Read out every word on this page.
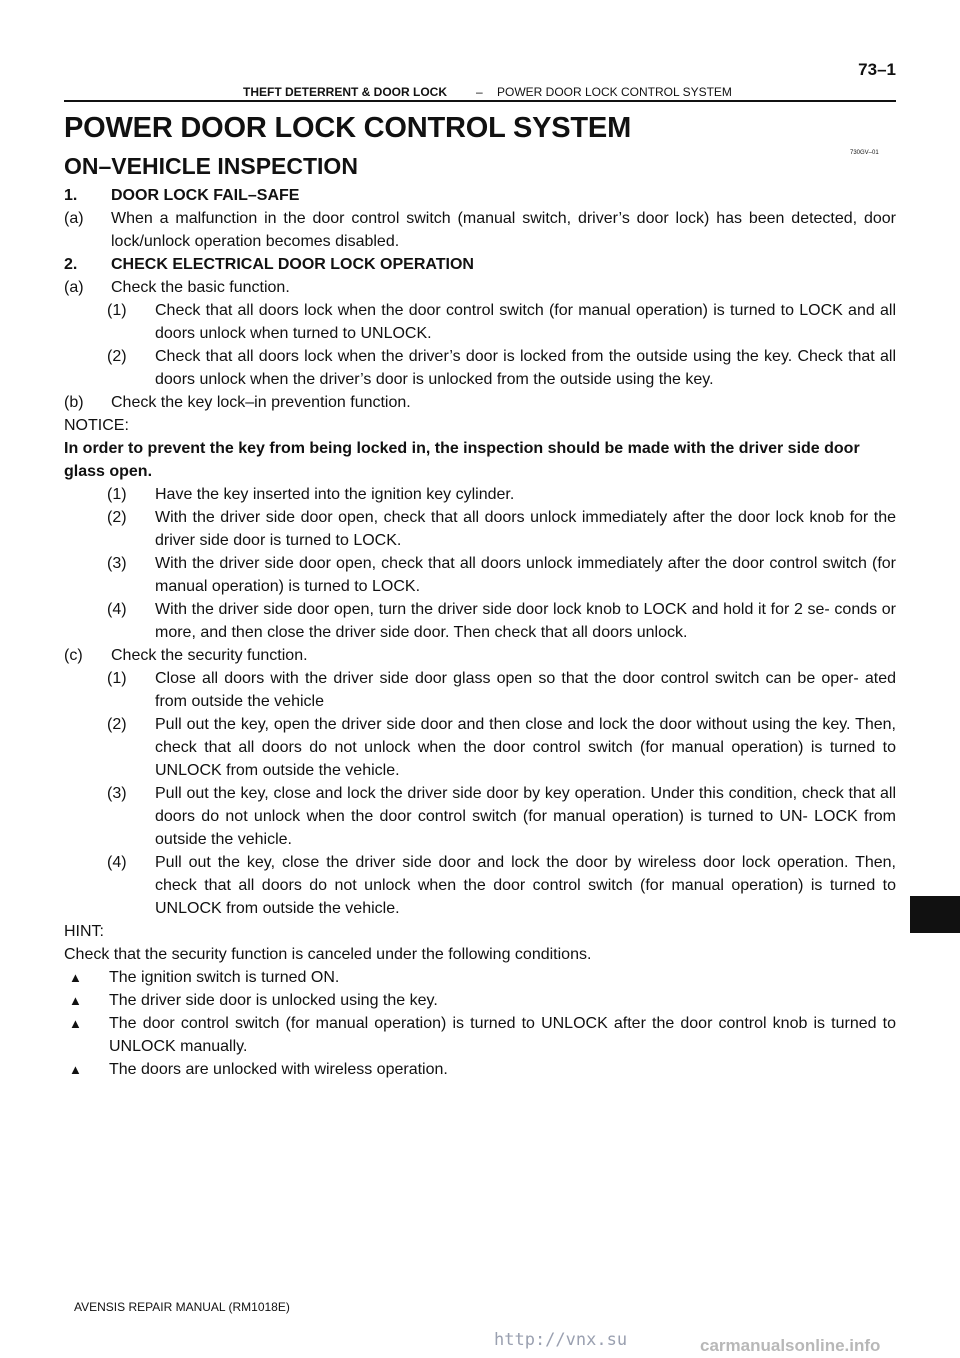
THEFT DETERRENT & DOOR LOCK – POWER DOOR LOCK CONTROL SYSTEM
73–1
POWER DOOR LOCK CONTROL SYSTEM
730GV–01
ON–VEHICLE INSPECTION

1.	DOOR LOCK FAIL–SAFE

(a)	When a malfunction in the door control switch (manual switch, driver’s door lock) has been detected, door lock/unlock operation becomes disabled.

2.	CHECK ELECTRICAL DOOR LOCK OPERATION

(a)	Check the basic function.

(1)	Check that all doors lock when the door control switch (for manual operation) is turned to LOCK and all doors unlock when turned to UNLOCK.

(2)	Check that all doors lock when the driver’s door is locked from the outside using the key. Check that all doors unlock when the driver’s door is unlocked from the outside using the key.

(b)	Check the key lock–in prevention function.

NOTICE:

In order to prevent the key from being locked in, the inspection should be made with the driver side door glass open.

(1)	Have the key inserted into the ignition key cylinder.

(2)	With the driver side door open, check that all doors unlock immediately after the door lock knob for the driver side door is turned to LOCK.

(3)	With the driver side door open, check that all doors unlock immediately after the door control switch (for manual operation) is turned to LOCK.

(4)	With the driver side door open, turn the driver side door lock knob to LOCK and hold it for 2 se- conds or more, and then close the driver side door. Then check that all doors unlock.

(c)	Check the security function.

(1)	Close all doors with the driver side door glass open so that the door control switch can be oper- ated from outside the vehicle

(2)	Pull out the key, open the driver side door and then close and lock the door without using the key. Then, check that all doors do not unlock when the door control switch (for manual operation) is turned to UNLOCK from outside the vehicle.

(3)	Pull out the key, close and lock the driver side door by key operation. Under this condition, check that all doors do not unlock when the door control switch (for manual operation) is turned to UN- LOCK from outside the vehicle.

(4)	Pull out the key, close the driver side door and lock the door by wireless door lock operation. Then, check that all doors do not unlock when the door control switch (for manual operation) is turned to UNLOCK from outside the vehicle.

HINT:

Check that the security function is canceled under the following conditions.

▲	The ignition switch is turned ON.

▲	The driver side door is unlocked using the key.

▲	The door control switch (for manual operation) is turned to UNLOCK after the door control knob is turned to UNLOCK manually.

▲	The doors are unlocked with wireless operation.

AVENSIS REPAIR MANUAL (RM1018E)
http://vnx.su	carmanualsonline.info
